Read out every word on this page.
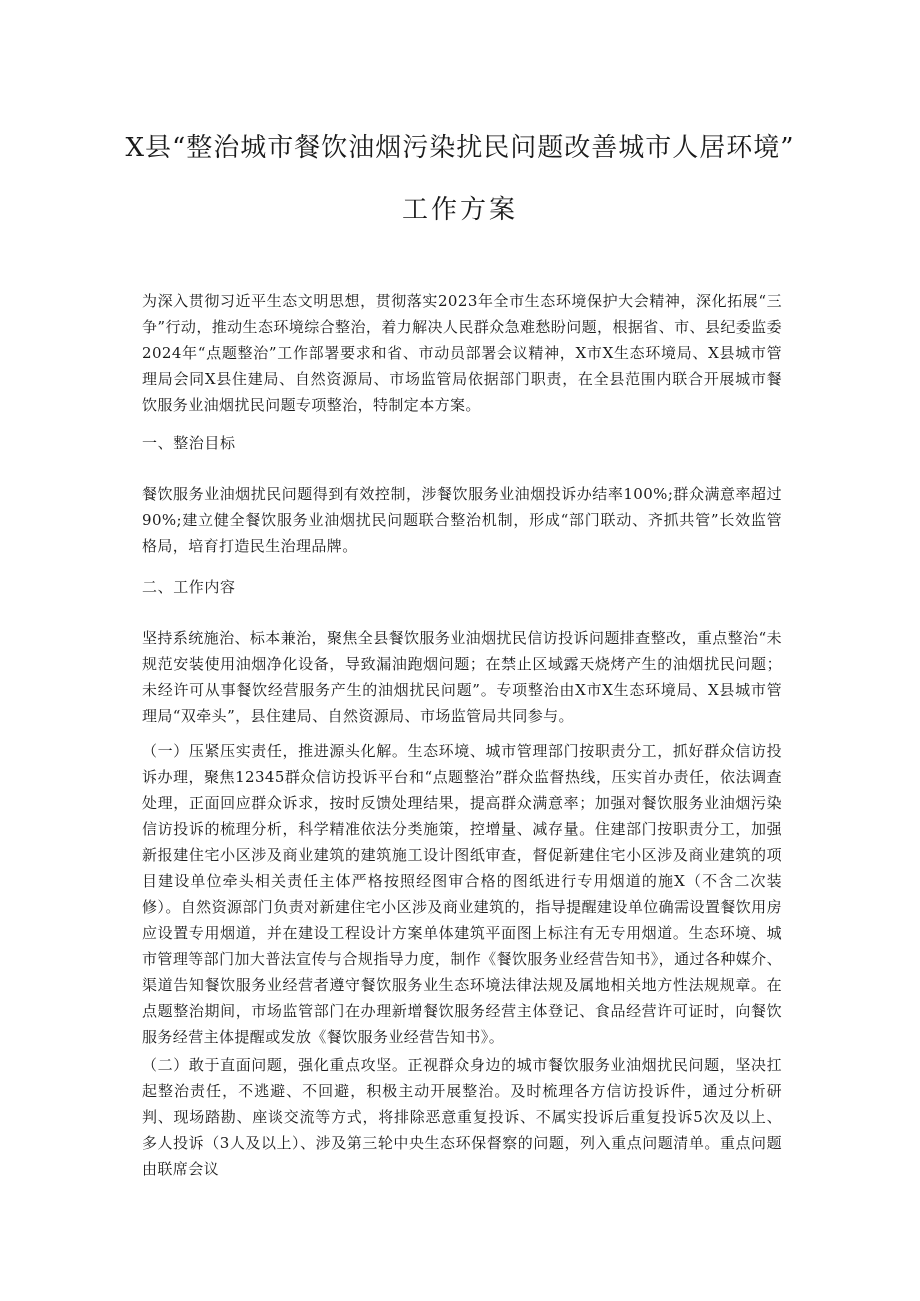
X县“整治城市餐饮油烟污染扰民问题改善城市人居环境”
工作方案

为深入贯彻习近平生态文明思想，贯彻落实2023年全市生态环境保护大会精神，深化拓展“三争”行动，推动生态环境综合整治，着力解决人民群众急难愁盼问题，根据省、市、县纪委监委2024年“点题整治”工作部署要求和省、市动员部署会议精神，X市X生态环境局、X县城市管理局会同X县住建局、自然资源局、市场监管局依据部门职责，在全县范围内联合开展城市餐饮服务业油烟扰民问题专项整治，特制定本方案。

一、整治目标

餐饮服务业油烟扰民问题得到有效控制，涉餐饮服务业油烟投诉办结率100%;群众满意率超过90%;建立健全餐饮服务业油烟扰民问题联合整治机制，形成“部门联动、齐抓共管”长效监管格局，培育打造民生治理品牌。

二、工作内容

坚持系统施治、标本兼治，聚焦全县餐饮服务业油烟扰民信访投诉问题排查整改，重点整治“未规范安装使用油烟净化设备，导致漏油跑烟问题；在禁止区域露天烧烤产生的油烟扰民问题；未经许可从事餐饮经营服务产生的油烟扰民问题”。专项整治由X市X生态环境局、X县城市管理局“双牵头”，县住建局、自然资源局、市场监管局共同参与。

（一）压紧压实责任，推进源头化解。生态环境、城市管理部门按职责分工，抓好群众信访投诉办理，聚焦12345群众信访投诉平台和“点题整治”群众监督热线，压实首办责任，依法调查处理，正面回应群众诉求，按时反馈处理结果，提高群众满意率；加强对餐饮服务业油烟污染信访投诉的梳理分析，科学精准依法分类施策，控增量、减存量。住建部门按职责分工，加强新报建住宅小区涉及商业建筑的建筑施工设计图纸审查，督促新建住宅小区涉及商业建筑的项目建设单位牵头相关责任主体严格按照经图审合格的图纸进行专用烟道的施X（不含二次装修）。自然资源部门负责对新建住宅小区涉及商业建筑的，指导提醒建设单位确需设置餐饮用房应设置专用烟道，并在建设工程设计方案单体建筑平面图上标注有无专用烟道。生态环境、城市管理等部门加大普法宣传与合规指导力度，制作《餐饮服务业经营告知书》，通过各种媒介、渠道告知餐饮服务业经营者遵守餐饮服务业生态环境法律法规及属地相关地方性法规规章。在点题整治期间，市场监管部门在办理新增餐饮服务经营主体登记、食品经营许可证时，向餐饮服务经营主体提醒或发放《餐饮服务业经营告知书》。

（二）敢于直面问题，强化重点攻坚。正视群众身边的城市餐饮服务业油烟扰民问题，坚决扛起整治责任，不逃避、不回避，积极主动开展整治。及时梳理各方信访投诉件，通过分析研判、现场踏勘、座谈交流等方式，将排除恶意重复投诉、不属实投诉后重复投诉5次及以上、多人投诉（3人及以上）、涉及第三轮中央生态环保督察的问题，列入重点问题清单。重点问题由联席会议
